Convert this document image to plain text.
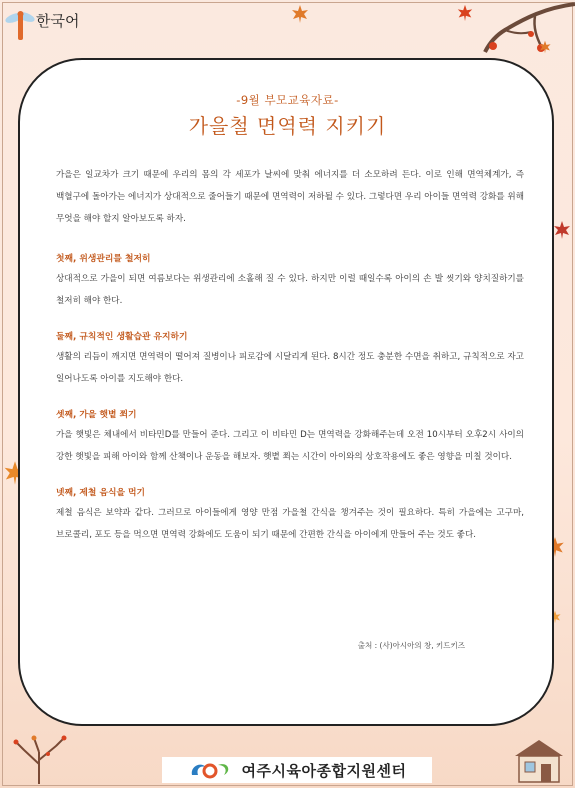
한국어
-9월 부모교육자료-
가을철 면역력 지키기

가을은 일교차가 크기 때문에 우리의 몸의 각 세포가 날씨에 맞춰 에너지를 더 소모하려 든다. 이로 인해 면역체계가, 즉 백혈구에 돌아가는 에너지가 상대적으로 줄어들기 때문에 면역력이 저하될 수 있다. 그렇다면 우리 아이들 면역력 강화를 위해 무엇을 해야 할지 알아보도록 하자.

첫째, 위생관리를 철저히

상대적으로 가을이 되면 여름보다는 위생관리에 소홀해 질 수 있다. 하지만 이럴 때일수록 아이의 손 발 씻기와 양치질하기를 철저히 해야 한다.

둘째, 규칙적인 생활습관 유지하기

생활의 리듬이 깨지면 면역력이 떨어져 질병이나 피로감에 시달리게 된다. 8시간 정도 충분한 수면을 취하고, 규칙적으로 자고 일어나도록 아이를 지도해야 한다.

셋째, 가을 햇볕 쬐기

가을 햇빛은 체내에서 비타민D를 만들어 준다. 그리고 이 비타민 D는 면역력을 강화해주는데 오전 10시부터 오후2시 사이의 강한 햇빛을 피해 아이와 함께 산책이나 운동을 해보자. 햇볕 쬐는 시간이 아이와의 상호작용에도 좋은 영향을 미칠 것이다.

넷째, 제철 음식을 먹기

제철 음식은 보약과 같다. 그러므로 아이들에게 영양 만점 가을철 간식을 챙겨주는 것이 필요하다. 특히 가을에는 고구마, 브로콜리, 포도 등을 먹으면 면역력 강화에도 도움이 되기 때문에 간편한 간식을 아이에게 만들어 주는 것도 좋다.

출처 : (사)아시아의 창, 키드키즈
여주시육아종합지원센터
